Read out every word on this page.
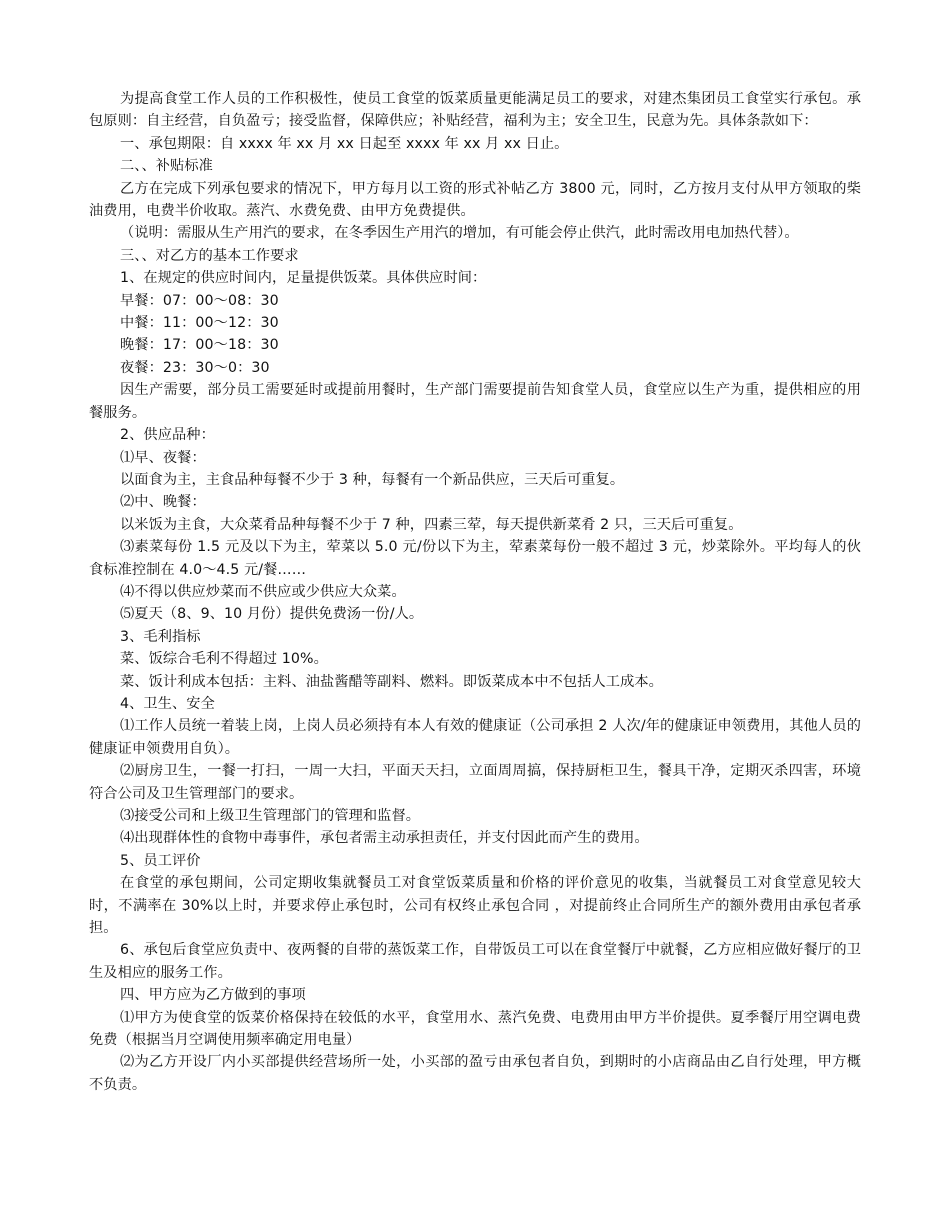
为提高食堂工作人员的工作积极性，使员工食堂的饭菜质量更能满足员工的要求，对建杰集团员工食堂实行承包。承包原则：自主经营，自负盈亏；接受监督，保障供应；补贴经营，福利为主；安全卫生，民意为先。具体条款如下：

一、承包期限：自 xxxx 年 xx 月 xx 日起至 xxxx 年 xx 月 xx 日止。

二、、补贴标准

乙方在完成下列承包要求的情况下，甲方每月以工资的形式补帖乙方 3800 元，同时，乙方按月支付从甲方领取的柴油费用，电费半价收取。蒸汽、水费免费、由甲方免费提供。

（说明：需服从生产用汽的要求，在冬季因生产用汽的增加，有可能会停止供汽，此时需改用电加热代替）。

三、、对乙方的基本工作要求

1、在规定的供应时间内，足量提供饭菜。具体供应时间：

早餐：07：00～08：30

中餐：11：00～12：30

晚餐：17：00～18：30

夜餐：23：30～0：30

因生产需要，部分员工需要延时或提前用餐时，生产部门需要提前告知食堂人员，食堂应以生产为重，提供相应的用餐服务。

2、供应品种：

⑴早、夜餐：

以面食为主，主食品种每餐不少于 3 种，每餐有一个新品供应，三天后可重复。

⑵中、晚餐：

以米饭为主食，大众菜肴品种每餐不少于 7 种，四素三荤，每天提供新菜肴 2 只，三天后可重复。

⑶素菜每份 1.5 元及以下为主，荤菜以 5.0 元/份以下为主，荤素菜每份一般不超过 3 元，炒菜除外。平均每人的伙食标准控制在 4.0～4.5 元/餐……

⑷不得以供应炒菜而不供应或少供应大众菜。

⑸夏天（8、9、10 月份）提供免费汤一份/人。

3、毛利指标

菜、饭综合毛利不得超过 10%。

菜、饭计利成本包括：主料、油盐酱醋等副料、燃料。即饭菜成本中不包括人工成本。

4、卫生、安全

⑴工作人员统一着装上岗，上岗人员必须持有本人有效的健康证（公司承担 2 人次/年的健康证申领费用，其他人员的健康证申领费用自负）。

⑵厨房卫生，一餐一打扫，一周一大扫，平面天天扫，立面周周搞，保持厨柜卫生，餐具干净，定期灭杀四害，环境符合公司及卫生管理部门的要求。

⑶接受公司和上级卫生管理部门的管理和监督。

⑷出现群体性的食物中毒事件，承包者需主动承担责任，并支付因此而产生的费用。

5、员工评价

在食堂的承包期间，公司定期收集就餐员工对食堂饭菜质量和价格的评价意见的收集，当就餐员工对食堂意见较大时，不满率在 30%以上时，并要求停止承包时，公司有权终止承包合同 ，对提前终止合同所生产的额外费用由承包者承担。

6、承包后食堂应负责中、夜两餐的自带的蒸饭菜工作，自带饭员工可以在食堂餐厅中就餐，乙方应相应做好餐厅的卫生及相应的服务工作。

四、甲方应为乙方做到的事项

⑴甲方为使食堂的饭菜价格保持在较低的水平，食堂用水、蒸汽免费、电费用由甲方半价提供。夏季餐厅用空调电费免费（根据当月空调使用频率确定用电量）

⑵为乙方开设厂内小买部提供经营场所一处，小买部的盈亏由承包者自负，到期时的小店商品由乙自行处理，甲方概不负责。
